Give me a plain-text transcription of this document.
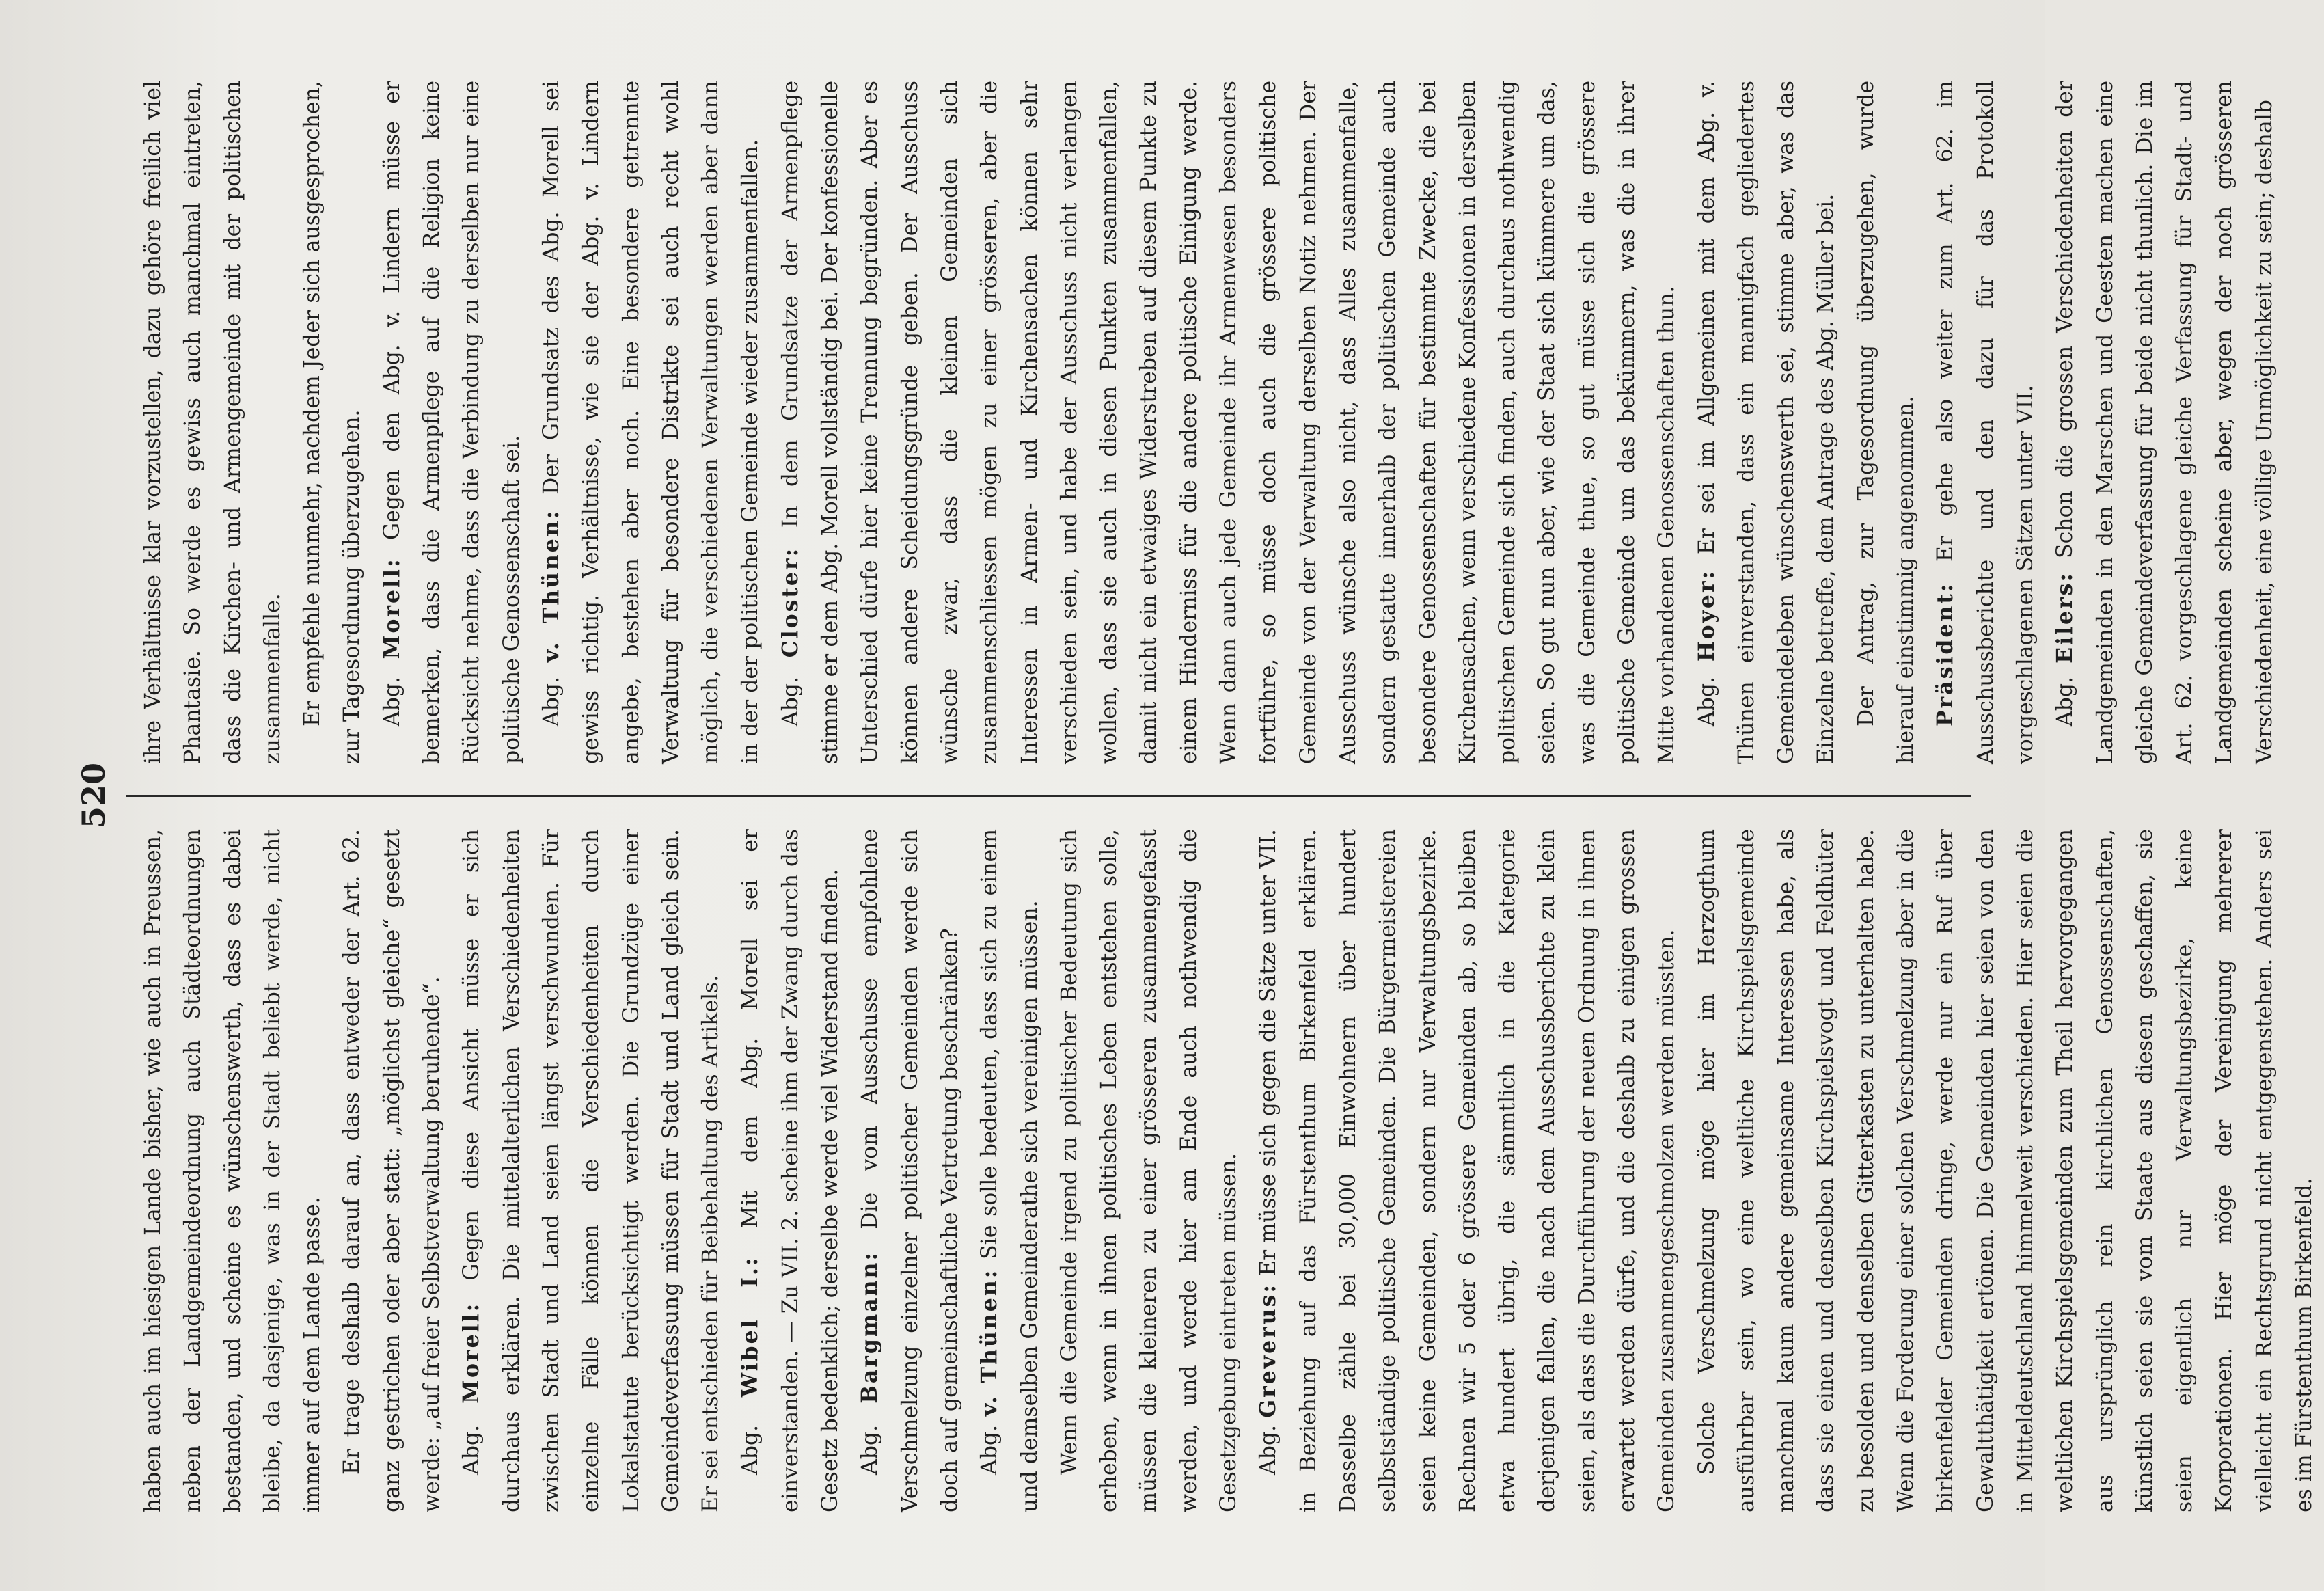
520

haben auch im hiesigen Lande bisher, wie auch in Preussen, neben der Landgemeindeordnung auch Städteordnungen bestanden, und scheine es wünschenswerth, dass es dabei bleibe, da dasjenige, was in der Stadt beliebt werde, nicht immer auf dem Lande passe. Er trage deshalb darauf an, dass entweder der Art. 62. ganz gestrichen oder aber statt: „möglichst gleiche“ gesetzt werde: „auf freier Selbstverwaltung beruhende“. Abg. Morell: Gegen diese Ansicht müsse er sich durchaus erklären. Die mittelalterlichen Verschiedenheiten zwischen Stadt und Land seien längst verschwunden. Für einzelne Fälle können die Verschiedenheiten durch Lokalstatute berücksichtigt werden. Die Grundzüge einer Gemeindeverfassung müssen für Stadt und Land gleich sein. Er sei entschieden für Beibehaltung des Artikels. Abg. Wibel I.: Mit dem Abg. Morell sei er einverstanden. — Zu VII. 2. scheine ihm der Zwang durch das Gesetz bedenklich; derselbe werde viel Widerstand finden. Abg. Bargmann: Die vom Ausschusse empfohlene Verschmelzung einzelner politischer Gemeinden werde sich doch auf gemeinschaftliche Vertretung beschränken? Abg. v. Thünen: Sie solle bedeuten, dass sich zu einem und demselben Gemeinderathe sich vereinigen müssen. Wenn die Gemeinde irgend zu politischer Bedeutung sich erheben, wenn in ihnen politisches Leben entstehen solle, müssen die kleineren zu einer grösseren zusammengefasst werden, und werde hier am Ende auch nothwendig die Gesetzgebung eintreten müssen. Abg. Greverus: Er müsse sich gegen die Sätze unter VII. in Beziehung auf das Fürstenthum Birkenfeld erklären. Dasselbe zähle bei 30,000 Einwohnern über hundert selbstständige politische Gemeinden. Die Bürgermeistereien seien keine Gemeinden, sondern nur Verwaltungsbezirke. Rechnen wir 5 oder 6 grössere Gemeinden ab, so bleiben etwa hundert übrig, die sämmtlich in die Kategorie derjenigen fallen, die nach dem Ausschussberichte zu klein seien, als dass die Durchführung der neuen Ordnung in ihnen erwartet werden dürfe, und die deshalb zu einigen grossen Gemeinden zusammengeschmolzen werden müssten. Solche Verschmelzung möge hier im Herzogthum ausführbar sein, wo eine weltliche Kirchspielsgemeinde manchmal kaum andere gemeinsame Interessen habe, als dass sie einen und denselben Kirchspielsvogt und Feldhüter zu besolden und denselben Gitterkasten zu unterhalten habe. Wenn die Forderung einer solchen Verschmelzung aber in die birkenfelder Gemeinden dringe, werde nur ein Ruf über Gewaltthätigkeit ertönen. Die Gemeinden hier seien von den in Mitteldeutschland himmelweit verschieden. Hier seien die weltlichen Kirchspielsgemeinden zum Theil hervorgegangen aus ursprünglich rein kirchlichen Genossenschaften, künstlich seien sie vom Staate aus diesen geschaffen, sie seien eigentlich nur Verwaltungsbezirke, keine Korporationen. Hier möge der Vereinigung mehrerer vielleicht ein Rechtsgrund nicht entgegenstehen. Anders sei es im Fürstenthum Birkenfeld.

ihre Verhältnisse klar vorzustellen, dazu gehöre freilich viel Phantasie. So werde es gewiss auch manchmal eintreten, dass die Kirchen- und Armengemeinde mit der politischen zusammenfalle. Er empfehle nunmehr, nachdem Jeder sich ausgesprochen, zur Tagesordnung überzugehen. Abg. Morell: Gegen den Abg. v. Lindern müsse er bemerken, dass die Armenpflege auf die Religion keine Rücksicht nehme, dass die Verbindung zu derselben nur eine politische Genossenschaft sei. Abg. v. Thünen: Der Grundsatz des Abg. Morell sei gewiss richtig. Verhältnisse, wie sie der Abg. v. Lindern angebe, bestehen aber noch. Eine besondere getrennte Verwaltung für besondere Distrikte sei auch recht wohl möglich, die verschiedenen Verwaltungen werden aber dann in der der politischen Gemeinde wieder zusammenfallen. Abg. Closter: In dem Grundsatze der Armenpflege stimme er dem Abg. Morell vollständig bei. Der konfessionelle Unterschied dürfe hier keine Trennung begründen. Aber es können andere Scheidungsgründe geben. Der Ausschuss wünsche zwar, dass die kleinen Gemeinden sich zusammenschliessen mögen zu einer grösseren, aber die Interessen in Armen- und Kirchensachen können sehr verschieden sein, und habe der Ausschuss nicht verlangen wollen, dass sie auch in diesen Punkten zusammenfallen, damit nicht ein etwaiges Widerstreben auf diesem Punkte zu einem Hinderniss für die andere politische Einigung werde. Wenn dann auch jede Gemeinde ihr Armenwesen besonders fortführe, so müsse doch auch die grössere politische Gemeinde von der Verwaltung derselben Notiz nehmen. Der Ausschuss wünsche also nicht, dass Alles zusammenfalle, sondern gestatte innerhalb der politischen Gemeinde auch besondere Genossenschaften für bestimmte Zwecke, die bei Kirchensachen, wenn verschiedene Konfessionen in derselben politischen Gemeinde sich finden, auch durchaus nothwendig seien. So gut nun aber, wie der Staat sich kümmere um das, was die Gemeinde thue, so gut müsse sich die grössere politische Gemeinde um das bekümmern, was die in ihrer Mitte vorhandenen Genossenschaften thun. Abg. Hoyer: Er sei im Allgemeinen mit dem Abg. v. Thünen einverstanden, dass ein mannigfach gegliedertes Gemeindeleben wünschenswerth sei, stimme aber, was das Einzelne betreffe, dem Antrage des Abg. Müller bei. Der Antrag, zur Tagesordnung überzugehen, wurde hierauf einstimmig angenommen. Präsident: Er gehe also weiter zum Art. 62. im Ausschussberichte und den dazu für das Protokoll vorgeschlagenen Sätzen unter VII. Abg. Eilers: Schon die grossen Verschiedenheiten der Landgemeinden in den Marschen und Geesten machen eine gleiche Gemeindeverfassung für beide nicht thunlich. Die im Art. 62. vorgeschlagene gleiche Verfassung für Stadt- und Landgemeinden scheine aber, wegen der noch grösseren Verschiedenheit, eine völlige Unmöglichkeit zu sein; deshalb
